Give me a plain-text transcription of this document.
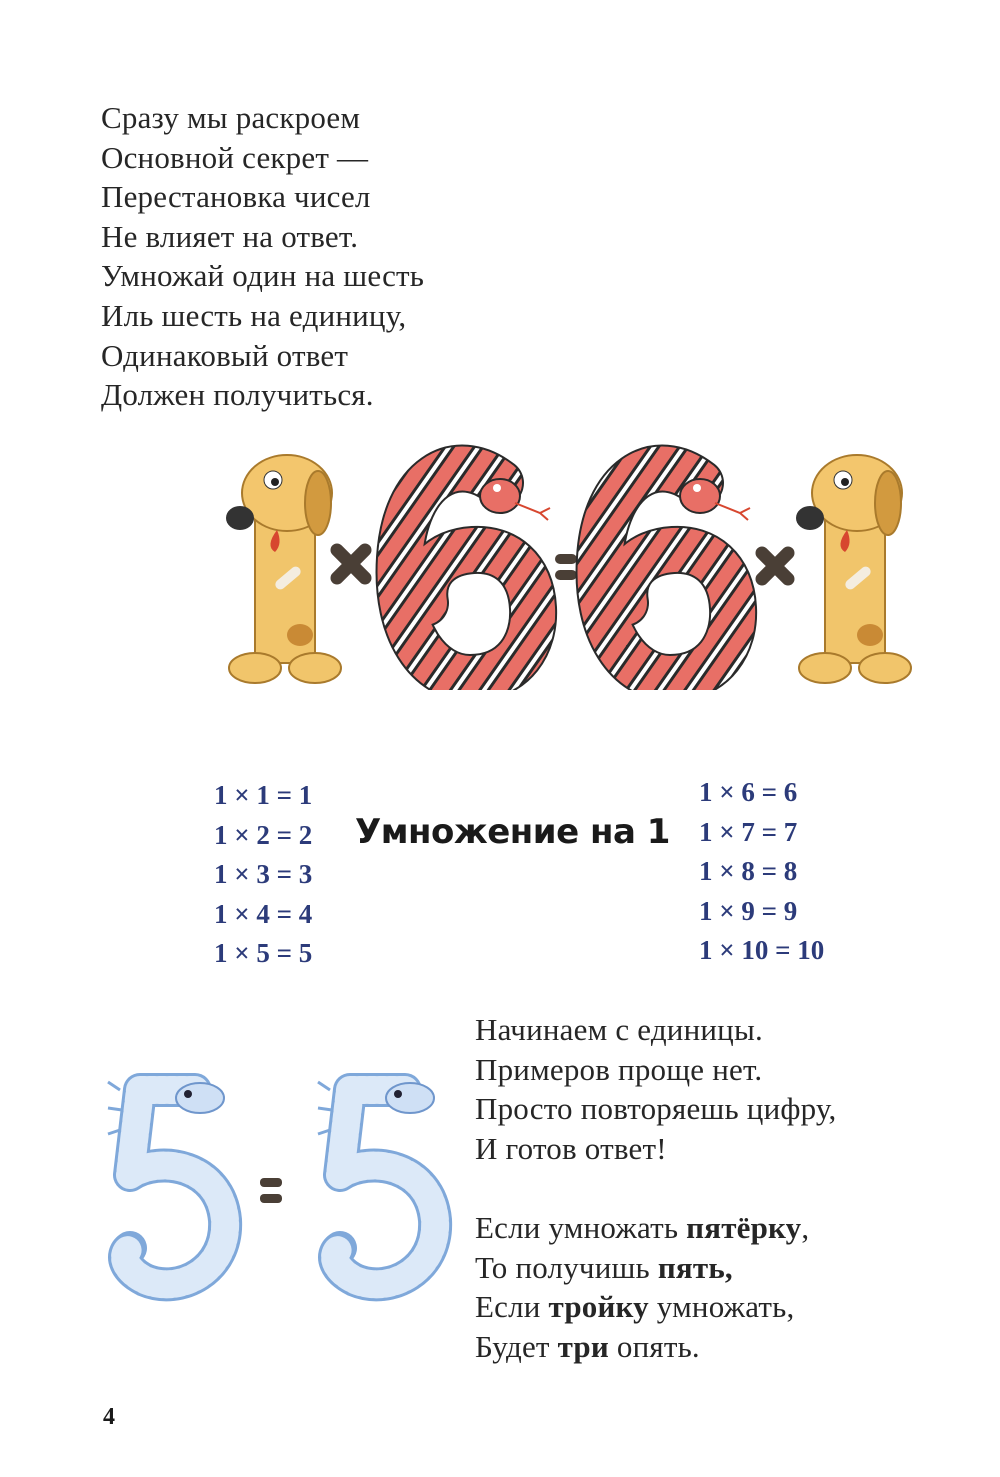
Сразу мы раскроем
Основной секрет —
Перестановка чисел
Не влияет на ответ.
Умножай один на шесть
Иль шесть на единицу,
Одинаковый ответ
Должен получиться.
1 × 1 = 1
1 × 2 = 2
1 × 3 = 3
1 × 4 = 4
1 × 5 = 5
Умножение на 1
1 × 6 = 6
1 × 7 = 7
1 × 8 = 8
1 × 9 = 9
1 × 10 = 10
Начинаем с единицы.
Примеров проще нет.
Просто повторяешь цифру,
И готов ответ!
Если умножать пятёрку,
То получишь пять,
Если тройку умножать,
Будет три опять.
4
